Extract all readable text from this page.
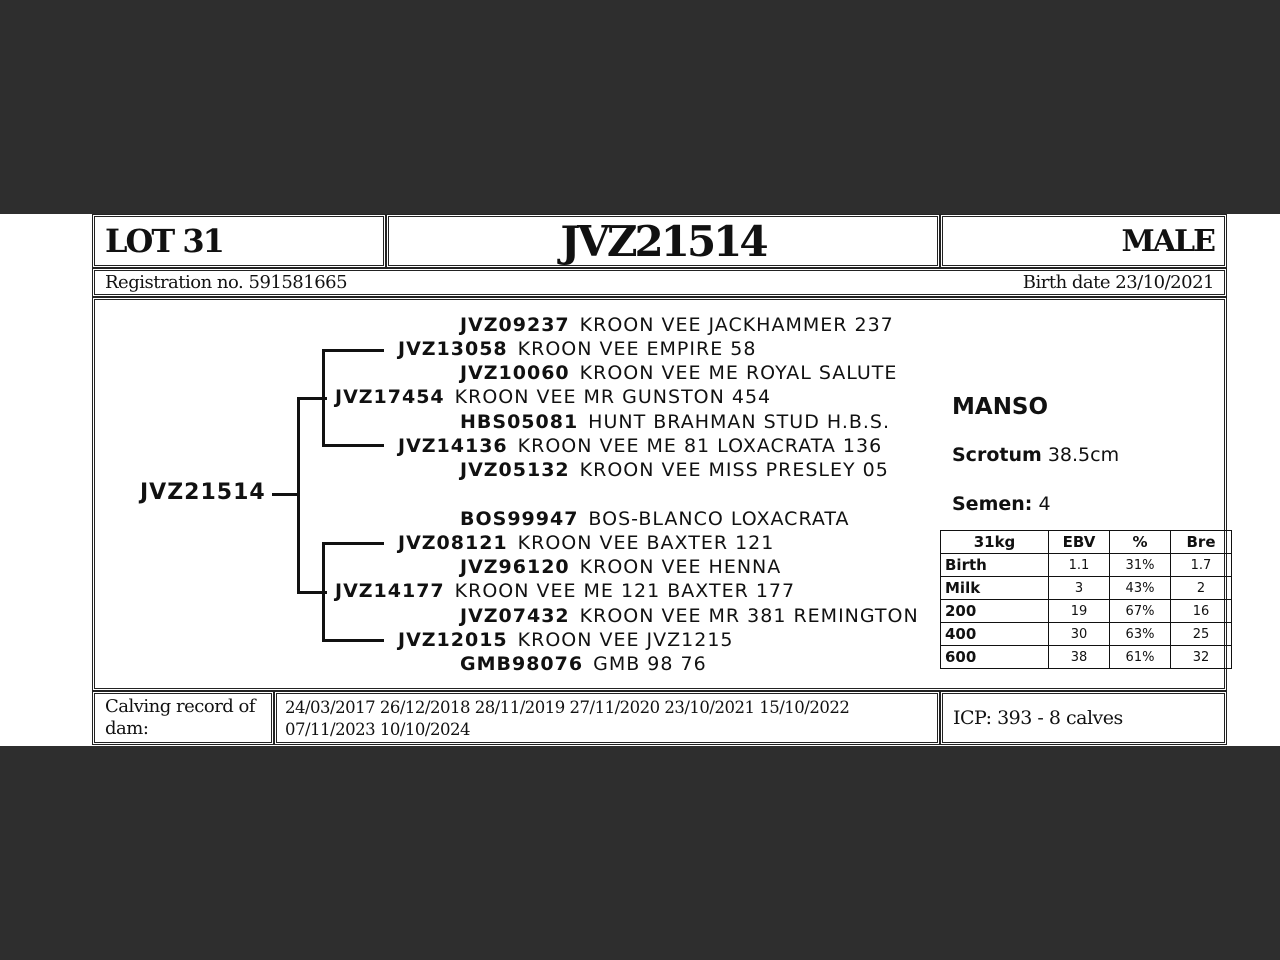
LOT 31	JVZ21514	MALE
Registration no. 591581665	Birth date 23/10/2021
JVZ21514
JVZ09237 KROON VEE JACKHAMMER 237
JVZ13058 KROON VEE EMPIRE 58
JVZ10060 KROON VEE ME ROYAL SALUTE
JVZ17454 KROON VEE MR GUNSTON 454
HBS05081 HUNT BRAHMAN STUD H.B.S.
JVZ14136 KROON VEE ME 81 LOXACRATA 136
JVZ05132 KROON VEE MISS PRESLEY 05
BOS99947 BOS-BLANCO LOXACRATA
JVZ08121 KROON VEE BAXTER 121
JVZ96120 KROON VEE HENNA
JVZ14177 KROON VEE ME 121 BAXTER 177
JVZ07432 KROON VEE MR 381 REMINGTON
JVZ12015 KROON VEE JVZ1215
GMB98076 GMB 98 76
MANSO
Scrotum 38.5cm
Semen: 4
31kg	EBV	%	Bre
Birth	1.1	31%	1.7
Milk	3	43%	2
200	19	67%	16
400	30	63%	25
600	38	61%	32
Calving record of dam:
24/03/2017 26/12/2018 28/11/2019 27/11/2020 23/10/2021 15/10/2022
07/11/2023 10/10/2024
ICP: 393 - 8 calves
